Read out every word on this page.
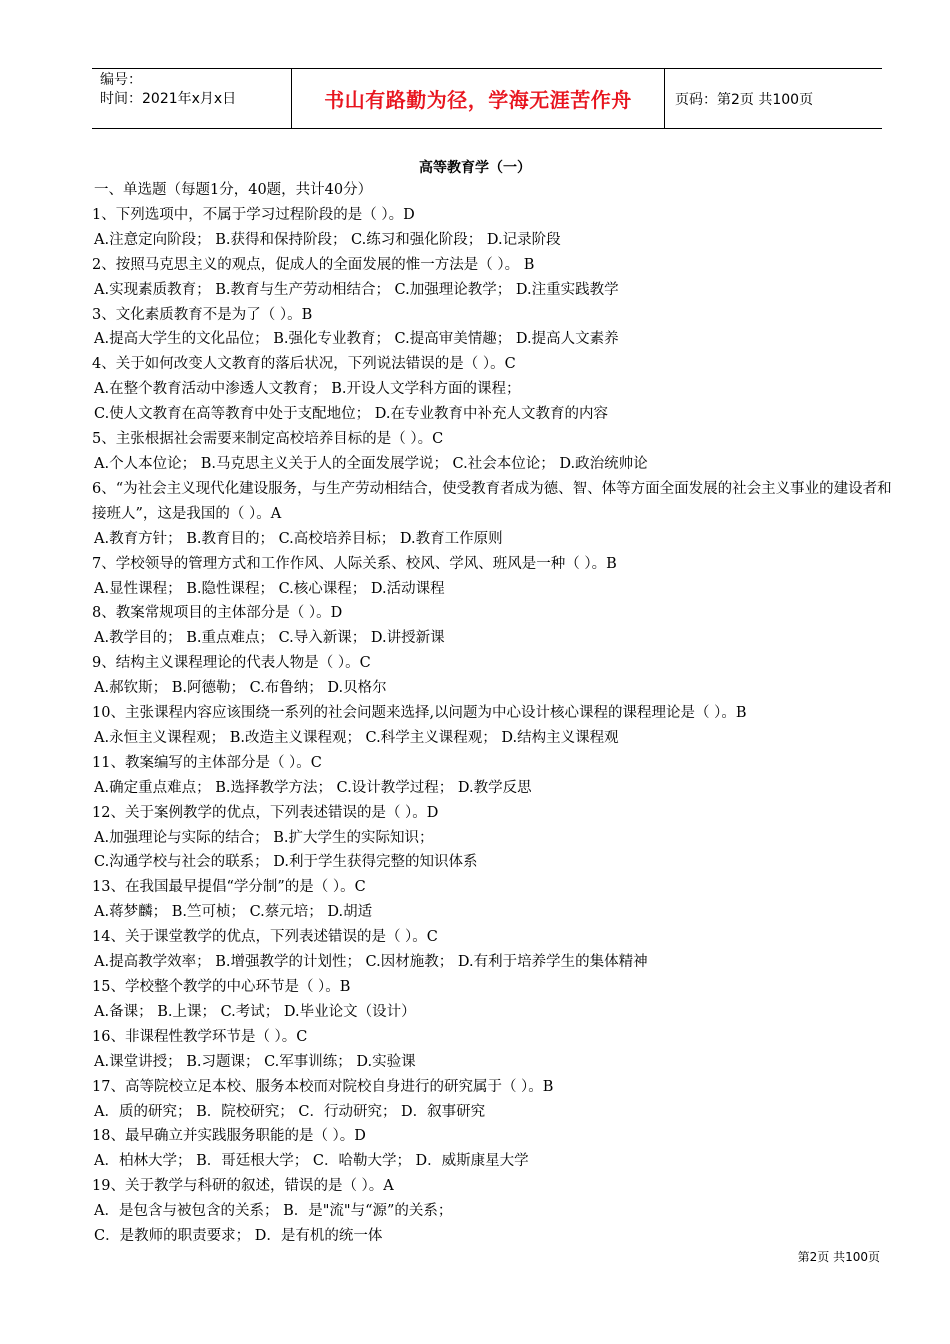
编号：
时间：2021年x月x日	书山有路勤为径，学海无涯苦作舟	页码：第2页 共100页
高等教育学（一）
一、单选题（每题1分，40题，共计40分）
1、下列选项中，不属于学习过程阶段的是（ ）。D
A.注意定向阶段； B.获得和保持阶段； C.练习和强化阶段； D.记录阶段
2、按照马克思主义的观点，促成人的全面发展的惟一方法是（ ）。 B
A.实现素质教育； B.教育与生产劳动相结合； C.加强理论教学； D.注重实践教学
3、文化素质教育不是为了（ ）。B
A.提高大学生的文化品位； B.强化专业教育； C.提高审美情趣； D.提高人文素养
4、关于如何改变人文教育的落后状况，下列说法错误的是（ ）。C
A.在整个教育活动中渗透人文教育； B.开设人文学科方面的课程；
C.使人文教育在高等教育中处于支配地位； D.在专业教育中补充人文教育的内容
5、主张根据社会需要来制定高校培养目标的是（ ）。C
A.个人本位论； B.马克思主义关于人的全面发展学说； C.社会本位论； D.政治统帅论
6、“为社会主义现代化建设服务，与生产劳动相结合，使受教育者成为德、智、体等方面全面发展的社会主义事业的建设者和接班人”，这是我国的（ ）。A
A.教育方针； B.教育目的； C.高校培养目标； D.教育工作原则
7、学校领导的管理方式和工作作风、人际关系、校风、学风、班风是一种（ ）。B
A.显性课程； B.隐性课程； C.核心课程； D.活动课程
8、教案常规项目的主体部分是（ ）。D
A.教学目的； B.重点难点； C.导入新课； D.讲授新课
9、结构主义课程理论的代表人物是（ ）。C
A.郝钦斯； B.阿德勒； C.布鲁纳； D.贝格尔
10、主张课程内容应该围绕一系列的社会问题来选择,以问题为中心设计核心课程的课程理论是（ ）。B
A.永恒主义课程观； B.改造主义课程观； C.科学主义课程观； D.结构主义课程观
11、教案编写的主体部分是（ ）。C
A.确定重点难点； B.选择教学方法； C.设计教学过程； D.教学反思
12、关于案例教学的优点，下列表述错误的是（ ）。D
A.加强理论与实际的结合； B.扩大学生的实际知识；
C.沟通学校与社会的联系； D.利于学生获得完整的知识体系
13、在我国最早提倡“学分制”的是（ ）。C
A.蒋梦麟； B.竺可桢； C.蔡元培； D.胡适
14、关于课堂教学的优点，下列表述错误的是（ ）。C
A.提高教学效率； B.增强教学的计划性； C.因材施教； D.有利于培养学生的集体精神
15、学校整个教学的中心环节是（ ）。B
A.备课； B.上课； C.考试； D.毕业论文（设计）
16、非课程性教学环节是（ ）。C
A.课堂讲授； B.习题课； C.军事训练； D.实验课
17、高等院校立足本校、服务本校而对院校自身进行的研究属于（ ）。B
A．质的研究； B．院校研究； C．行动研究； D．叙事研究
18、最早确立并实践服务职能的是（ ）。D
A．柏林大学； B．哥廷根大学； C．哈勒大学； D．威斯康星大学
19、关于教学与科研的叙述，错误的是（ ）。A
A．是包含与被包含的关系； B．是"流"与“源”的关系；
C．是教师的职责要求； D．是有机的统一体
第2页 共100页
